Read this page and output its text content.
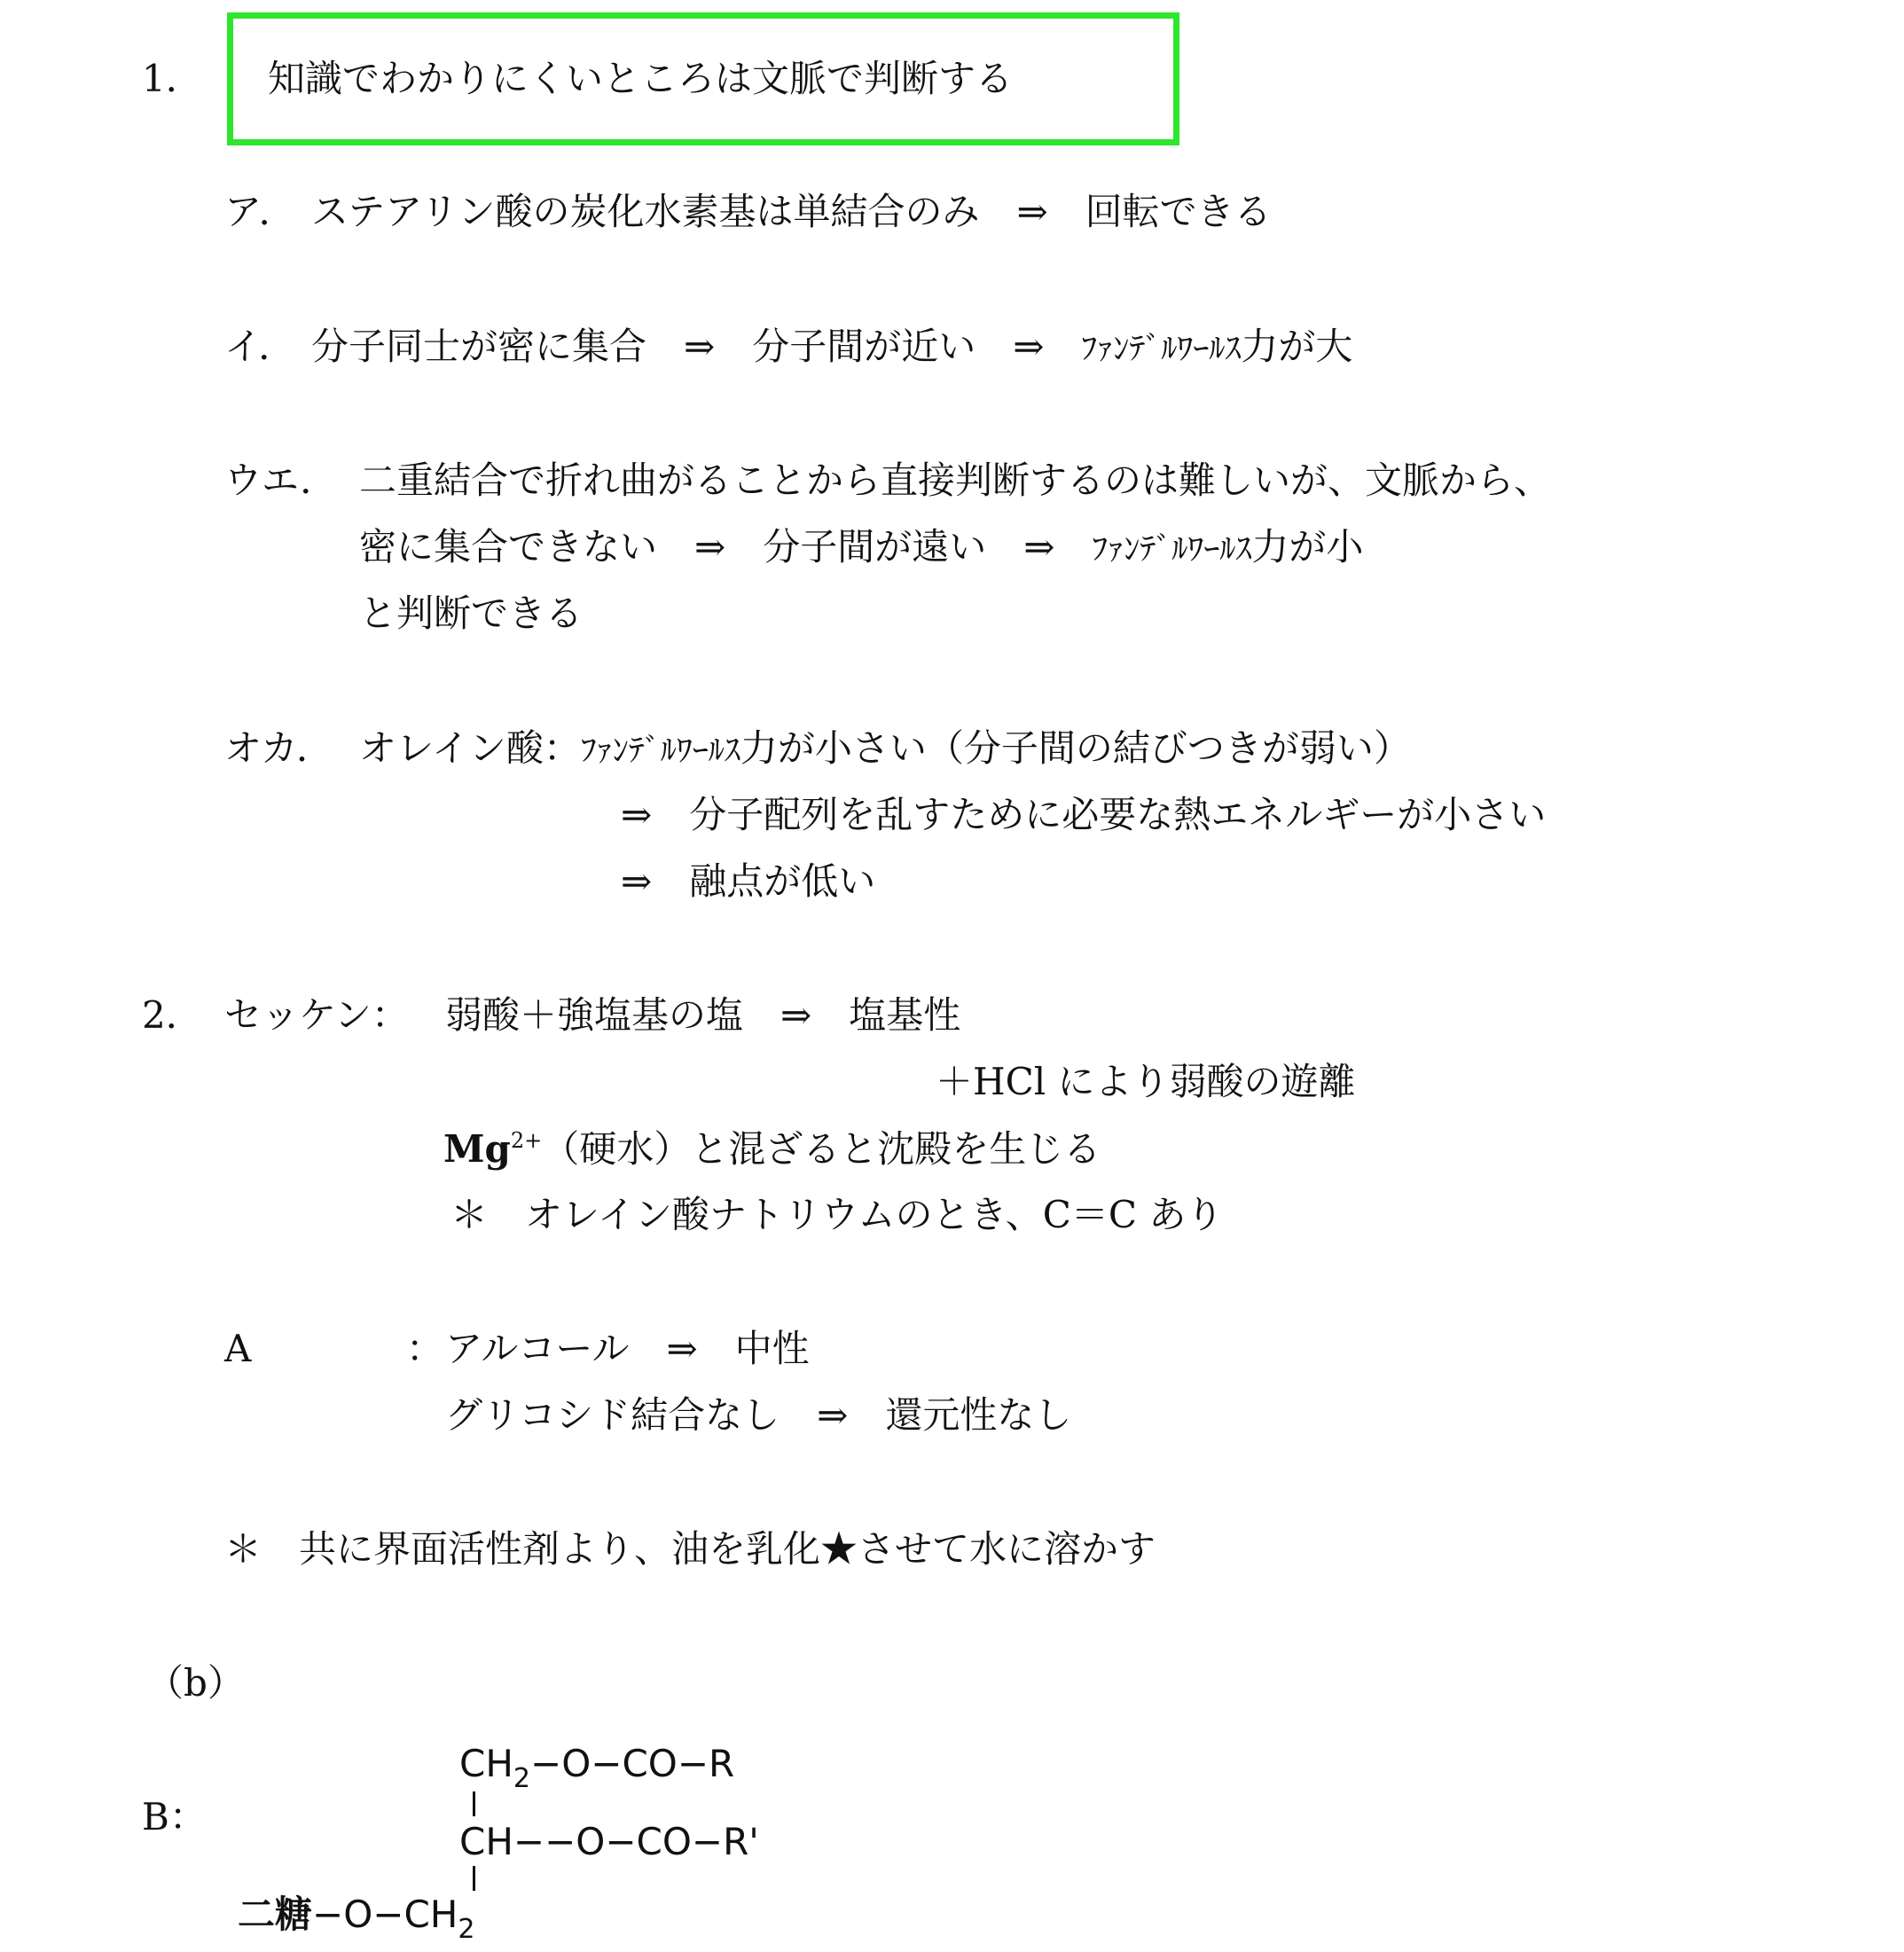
1． 知識でわかりにくいところは文脈で判断する
ア． ステアリン酸の炭化水素基は単結合のみ　⇒　回転できる
イ． 分子同士が密に集合　⇒　分子間が近い　⇒　ﾌｧﾝﾃﾞﾙﾜｰﾙｽ力が大
ウエ． 二重結合で折れ曲がることから直接判断するのは難しいが、文脈から、
密に集合できない　⇒　分子間が遠い　⇒　ﾌｧﾝﾃﾞﾙﾜｰﾙｽ力が小
と判断できる
オカ． オレイン酸：ﾌｧﾝﾃﾞﾙﾜｰﾙｽ力が小さい（分子間の結びつきが弱い）
⇒　分子配列を乱すために必要な熱エネルギーが小さい
⇒　融点が低い
2． セッケン： 弱酸＋強塩基の塩　⇒　塩基性
＋HCl により弱酸の遊離
$Mg^{2+}$（硬水）と混ざると沈殿を生じる
＊　オレイン酸ナトリウムのとき、C＝C あり
A	： アルコール　⇒　中性
グリコシド結合なし　⇒　還元性なし
＊　共に界面活性剤より、油を乳化★させて水に溶かす
（b）
B：
$CH_2-O-CO-R$
CH−−O−CO−R'
二糖$-O-CH_2$
